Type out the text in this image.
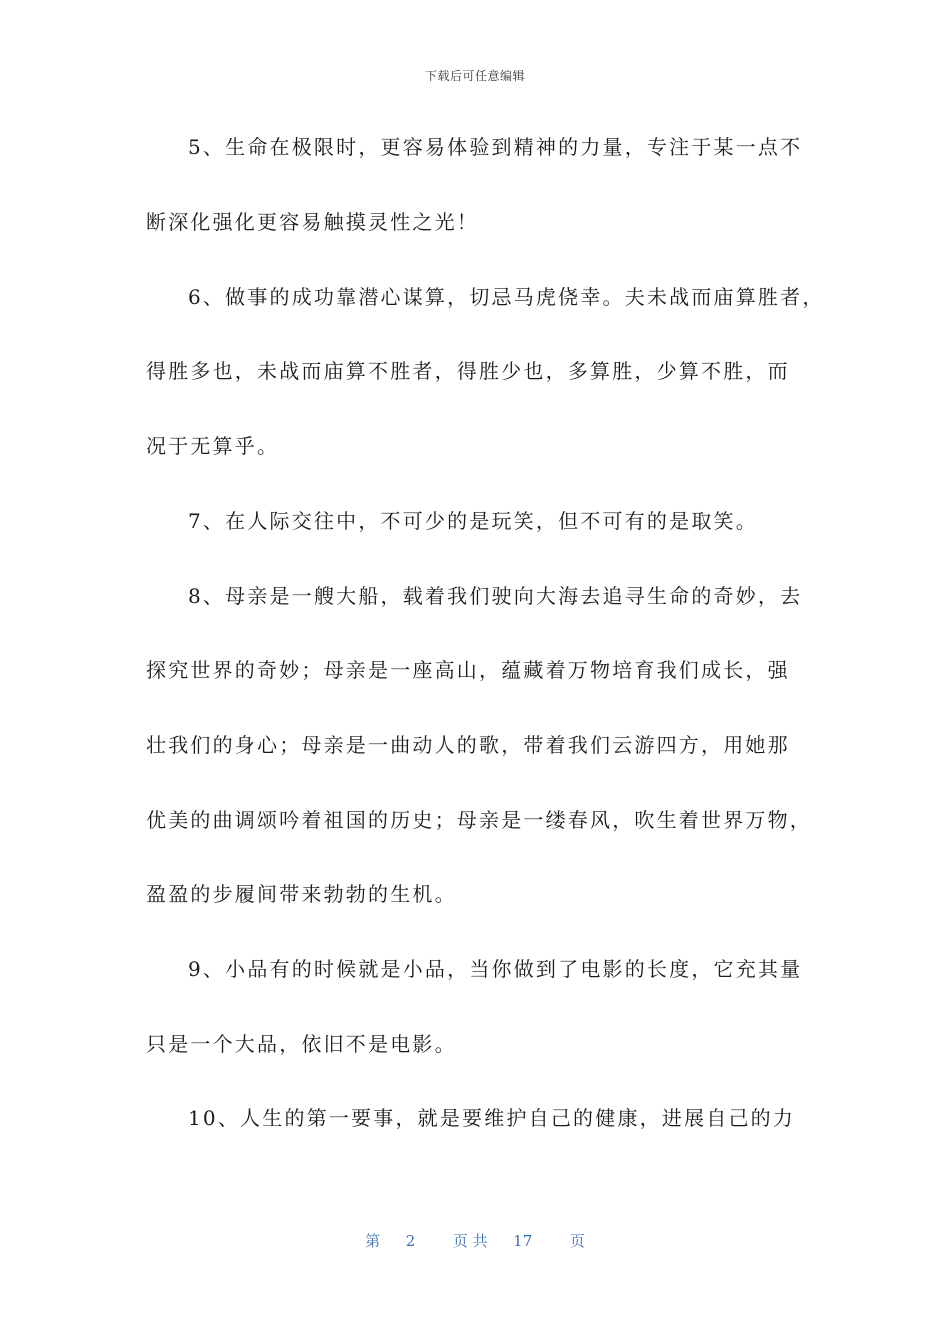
下载后可任意编辑
5、生命在极限时，更容易体验到精神的力量，专注于某一点不
断深化强化更容易触摸灵性之光！
6、做事的成功靠潜心谋算，切忌马虎侥幸。夫未战而庙算胜者，
得胜多也，未战而庙算不胜者，得胜少也，多算胜，少算不胜，而
况于无算乎。
7、在人际交往中，不可少的是玩笑，但不可有的是取笑。
8、母亲是一艘大船，载着我们驶向大海去追寻生命的奇妙，去
探究世界的奇妙；母亲是一座高山，蕴藏着万物培育我们成长，强
壮我们的身心；母亲是一曲动人的歌，带着我们云游四方，用她那
优美的曲调颂吟着祖国的历史；母亲是一缕春风，吹生着世界万物，
盈盈的步履间带来勃勃的生机。
9、小品有的时候就是小品，当你做到了电影的长度，它充其量
只是一个大品，依旧不是电影。
10、人生的第一要事，就是要维护自己的健康，进展自己的力
第 2	页 共 17	页
